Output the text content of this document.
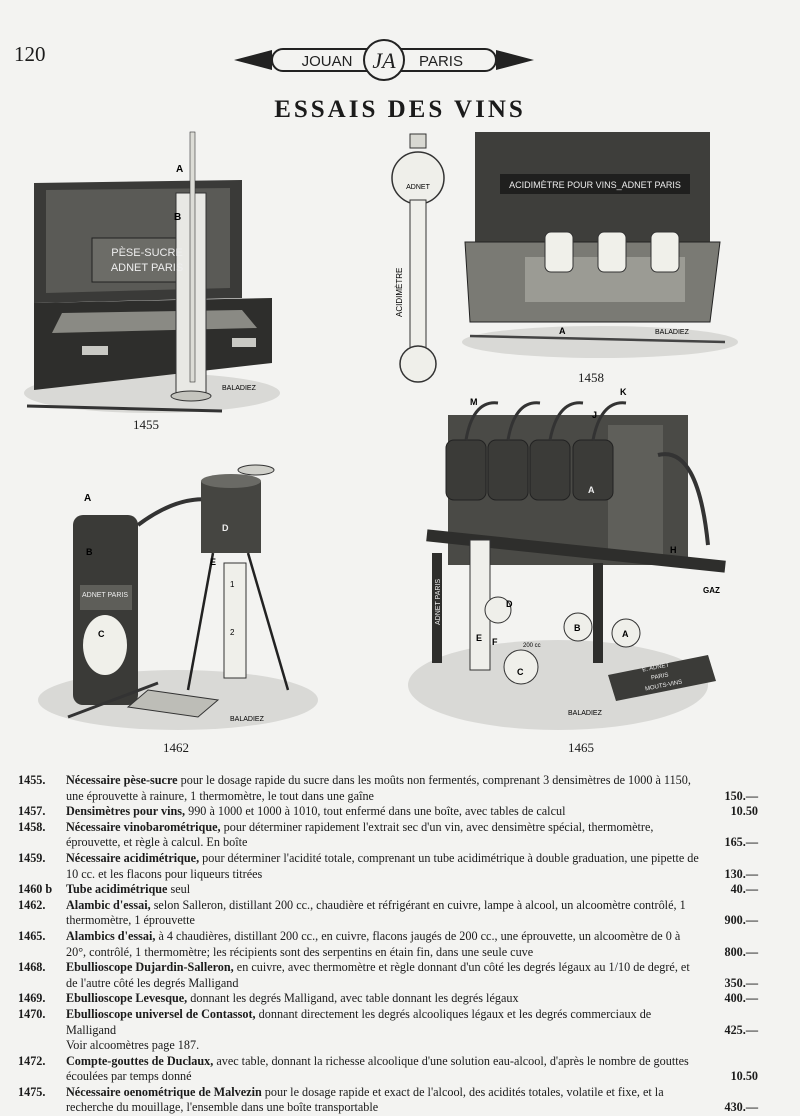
120	JOUAN	PARIS
JA
ESSAIS DES VINS
A
B
PÈSE-SUCRE
ADNET PARIS
BALADIEZ
1455
ADNET
ACIDIMÈTRE
ACIDIMÈTRE POUR VINS_ADNET PARIS
A	BALADIEZ
1458
A
B
C
D
E
1
2
ADNET PARIS
BALADIEZ
1462
M
K
J
A
H
GAZ
E F
D
C
B
A
200 cc
ADNET PARIS
E. ADNET
PARIS
MOUTS-VINS
BALADIEZ
1465
1455.	Nécessaire pèse-sucre pour le dosage rapide du sucre dans les moûts non fermentés, comprenant 3 densimètres de 1000 à 1150, une éprouvette à rainure, 1 thermomètre, le tout dans une gaîne	150.—
1457.	Densimètres pour vins, 990 à 1000 et 1000 à 1010, tout enfermé dans une boîte, avec tables de calcul	10.50
1458.	Nécessaire vinobarométrique, pour déterminer rapidement l'extrait sec d'un vin, avec densimètre spécial, thermomètre, éprouvette, et règle à calcul. En boîte	165.—
1459.	Nécessaire acidimétrique, pour déterminer l'acidité totale, comprenant un tube acidimétrique à double graduation, une pipette de 10 cc. et les flacons pour liqueurs titrées	130.—
1460 b	Tube acidimétrique seul	40.—
1462.	Alambic d'essai, selon Salleron, distillant 200 cc., chaudière et réfrigérant en cuivre, lampe à alcool, un alcoomètre contrôlé, 1 thermomètre, 1 éprouvette	900.—
1465.	Alambics d'essai, à 4 chaudières, distillant 200 cc., en cuivre, flacons jaugés de 200 cc., une éprouvette, un alcoomètre de 0 à 20°, contrôlé, 1 thermomètre; les récipients sont des serpentins en étain fin, dans une seule cuve	800.—
1468.	Ebullioscope Dujardin-Salleron, en cuivre, avec thermomètre et règle donnant d'un côté les degrés légaux au 1/10 de degré, et de l'autre côté les degrés Malligand	350.—
1469.	Ebullioscope Levesque, donnant les degrés Malligand, avec table donnant les degrés légaux	400.—
1470.	Ebullioscope universel de Contassot, donnant directement les degrés alcooliques légaux et les degrés commerciaux de Malligand	425.—
Voir alcoomètres page 187.
1472.	Compte-gouttes de Duclaux, avec table, donnant la richesse alcoolique d'une solution eau-alcool, d'après le nombre de gouttes écoulées par temps donné	10.50
1475.	Nécessaire oenométrique de Malvezin pour le dosage rapide et exact de l'alcool, des acidités totales, volatile et fixe, et la recherche du mouillage, l'ensemble dans une boîte transportable	430.—
